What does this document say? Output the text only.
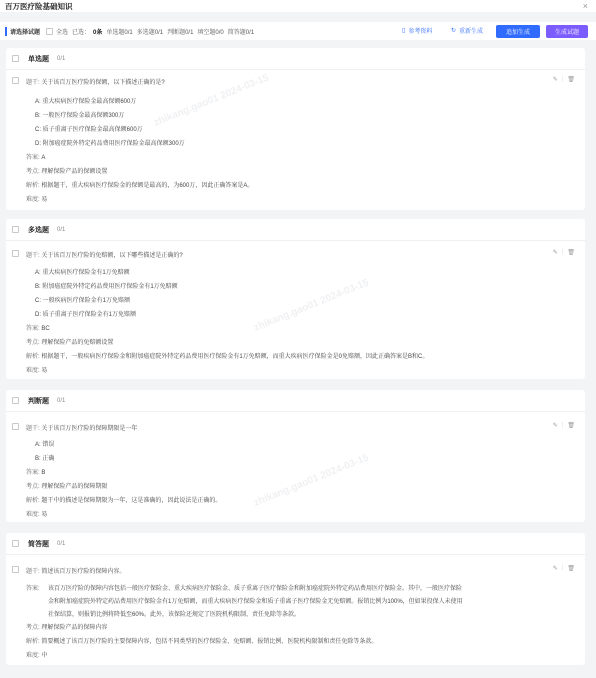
百万医疗险基础知识	×
请选择试题	全选 已选： 0条 单选题0/1 多选题0/1 判断题0/1 填空题0/0 简答题0/1	▯ 参考资料	↻ 重新生成	追加生成	生成试题
单选题 0/1
题干: 关于该百万医疗险的保额，以下描述正确的是?	✎ | 🗑
A: 重大疾病医疗保险金最高保额600万
B: 一般医疗保险金最高保额300万
C: 质子重离子医疗保险金最高保额600万
D: 附加癌症院外特定药品费用医疗保险金最高保额300万
答案: A
考点: 理解保险产品的保额设置
解析: 根据题干，重大疾病医疗保险金的保额是最高的，为600万，因此正确答案是A。
难度: 易
多选题 0/1
题干: 关于该百万医疗险的免赔额，以下哪些描述是正确的?	✎ | 🗑
A: 重大疾病医疗保险金有1万免赔额
B: 附加癌症院外特定药品费用医疗保险金有1万免赔额
C: 一般疾病医疗保险金有1万免赔额
D: 质子重离子医疗保险金有1万免赔额
答案: BC
考点: 理解保险产品的免赔额设置
解析: 根据题干，一般疾病医疗保险金和附加癌症院外特定药品费用医疗保险金有1万免赔额，而重大疾病医疗保险金是0免赔额，因此正确答案是B和C。
难度: 易
判断题 0/1
题干: 关于该百万医疗险的保障期限是一年	✎ | 🗑
A: 错误
B: 正确
答案: B
考点: 理解保险产品的保障期限
解析: 题干中的描述是保障期限为一年，这是准确的，因此说法是正确的。
难度: 易
简答题 0/1
题干: 简述该百万医疗险的保障内容。	✎ | 🗑
答案: 该百万医疗险的保障内容包括一般医疗保险金、重大疾病医疗保险金、质子重离子医疗保险金和附加癌症院外特定药品费用医疗保险金。其中，一般医疗保险
金和附加癌症院外特定药品费用医疗保险金有1万免赔额，而重大疾病医疗保险金和质子重离子医疗保险金无免赔额。报销比例为100%，但如果投保人未使用
社保结算，则报销比例将降低至60%。此外，该保险还规定了医院机构限制、责任免除等条款。
考点: 理解保险产品的保障内容
解析: 简要概述了该百万医疗险的主要保障内容，包括不同类型的医疗保险金、免赔额、报销比例、医院机构限制和责任免除等条款。
难度: 中
